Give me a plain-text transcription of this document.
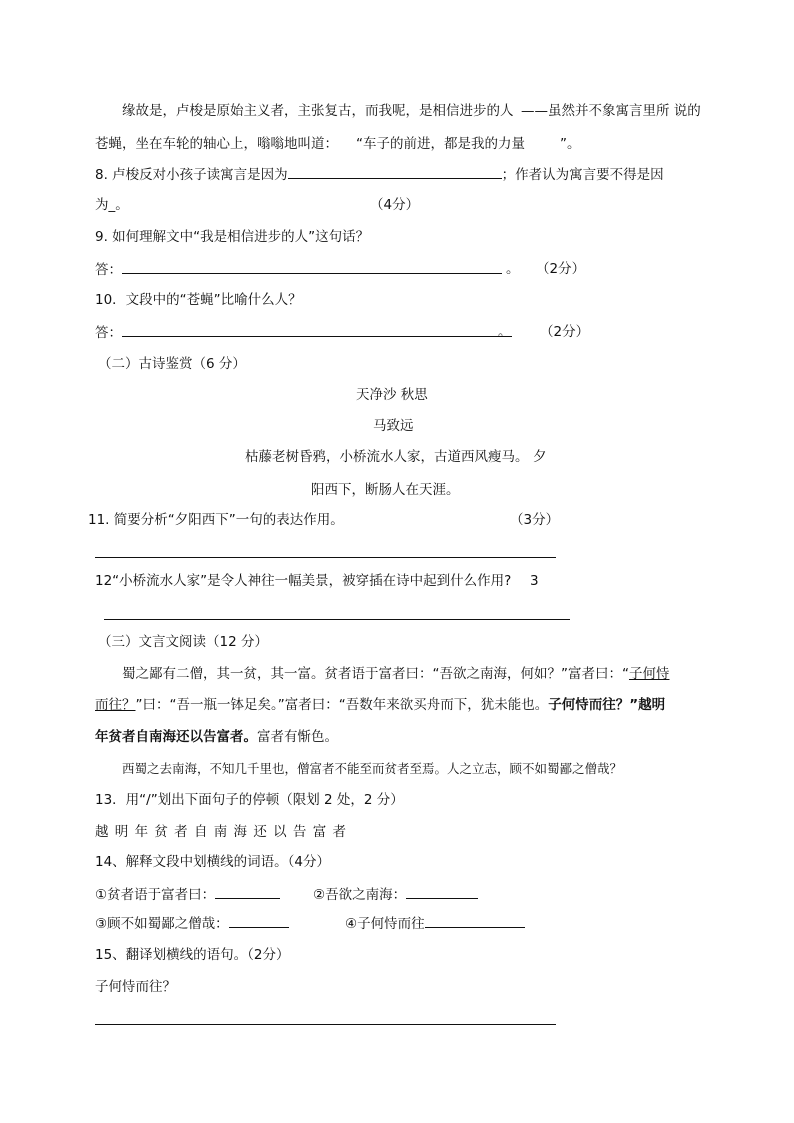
缘故是，卢梭是原始主义者，主张复古，而我呢，是相信进步的人 ——虽然并不象寓言里所 说的
苍蝇，坐在车轮的轴心上，嗡嗡地叫道： “车子的前进，都是我的力量	”。
8. 卢梭反对小孩子读寓言是因为	；作者认为寓言要不得是因
为_。	（4分）
9. 如何理解文中“我是相信进步的人”这句话？
答：	。 （2分）
10．文段中的“苍蝇”比喻什么人？
答：	。 （2分）
（二）古诗鉴赏（6 分）
天净沙 秋思
马致远
枯藤老树昏鸦，小桥流水人家，古道西风瘦马。 夕
阳西下，断肠人在天涯。
11. 简要分析“夕阳西下”一句的表达作用。	（3分）
12“小桥流水人家”是令人神往一幅美景，被穿插在诗中起到什么作用? 3
（三）文言文阅读（12 分）
蜀之鄙有二僧，其一贫，其一富。贫者语于富者曰：“吾欲之南海，何如？”富者曰：“子何恃
而往？”曰：“吾一瓶一钵足矣。”富者曰：“吾数年来欲买舟而下，犹未能也。子何恃而往？”越明
年贫者自南海还以告富者。富者有惭色。
西蜀之去南海，不知几千里也，僧富者不能至而贫者至焉。人之立志，顾不如蜀鄙之僧哉？
13．用“/”划出下面句子的停顿（限划 2 处，2 分）
越 明 年 贫 者 自 南 海 还 以 告 富 者
14、解释文段中划横线的词语。（4分）
①贫者语于富者曰：	②吾欲之南海：
③顾不如蜀鄙之僧哉：	④子何恃而往
15、翻译划横线的语句。（2分）
子何恃而往？
